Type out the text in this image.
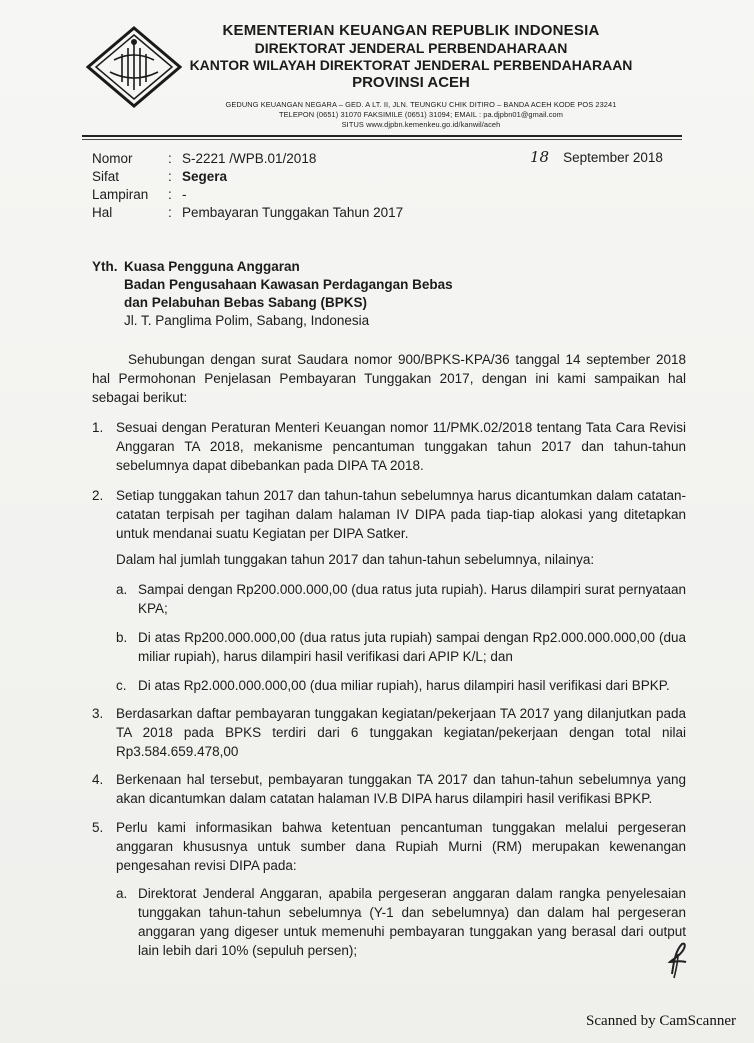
KEMENTERIAN KEUANGAN REPUBLIK INDONESIA
DIREKTORAT JENDERAL PERBENDAHARAAN
KANTOR WILAYAH DIREKTORAT JENDERAL PERBENDAHARAAN
PROVINSI ACEH
GEDUNG KEUANGAN NEGARA – GED. A LT. II, JLN. TEUNGKU CHIK DITIRO – BANDA ACEH KODE POS 23241
TELEPON (0651) 31070 FAKSIMILE (0651) 31094; EMAIL : pa.djpbn01@gmail.com
SITUS www.djpbn.kemenkeu.go.id/kanwil/aceh
Nomor	: S-2221 /WPB.01/2018
Sifat	: Segera
Lampiran	: -
Hal	: Pembayaran Tunggakan Tahun 2017
18 September 2018
Yth. Kuasa Pengguna Anggaran
Badan Pengusahaan Kawasan Perdagangan Bebas
dan Pelabuhan Bebas Sabang (BPKS)
Jl. T. Panglima Polim, Sabang, Indonesia
Sehubungan dengan surat Saudara nomor 900/BPKS-KPA/36 tanggal 14 september 2018 hal Permohonan Penjelasan Pembayaran Tunggakan 2017, dengan ini kami sampaikan hal sebagai berikut:
1. Sesuai dengan Peraturan Menteri Keuangan nomor 11/PMK.02/2018 tentang Tata Cara Revisi Anggaran TA 2018, mekanisme pencantuman tunggakan tahun 2017 dan tahun-tahun sebelumnya dapat dibebankan pada DIPA TA 2018.
2. Setiap tunggakan tahun 2017 dan tahun-tahun sebelumnya harus dicantumkan dalam catatan-catatan terpisah per tagihan dalam halaman IV DIPA pada tiap-tiap alokasi yang ditetapkan untuk mendanai suatu Kegiatan per DIPA Satker.
Dalam hal jumlah tunggakan tahun 2017 dan tahun-tahun sebelumnya, nilainya:
a. Sampai dengan Rp200.000.000,00 (dua ratus juta rupiah). Harus dilampiri surat pernyataan KPA;
b. Di atas Rp200.000.000,00 (dua ratus juta rupiah) sampai dengan Rp2.000.000.000,00 (dua miliar rupiah), harus dilampiri hasil verifikasi dari APIP K/L; dan
c. Di atas Rp2.000.000.000,00 (dua miliar rupiah), harus dilampiri hasil verifikasi dari BPKP.
3. Berdasarkan daftar pembayaran tunggakan kegiatan/pekerjaan TA 2017 yang dilanjutkan pada TA 2018 pada BPKS terdiri dari 6 tunggakan kegiatan/pekerjaan dengan total nilai Rp3.584.659.478,00
4. Berkenaan hal tersebut, pembayaran tunggakan TA 2017 dan tahun-tahun sebelumnya yang akan dicantumkan dalam catatan halaman IV.B DIPA harus dilampiri hasil verifikasi BPKP.
5. Perlu kami informasikan bahwa ketentuan pencantuman tunggakan melalui pergeseran anggaran khususnya untuk sumber dana Rupiah Murni (RM) merupakan kewenangan pengesahan revisi DIPA pada:
a. Direktorat Jenderal Anggaran, apabila pergeseran anggaran dalam rangka penyelesaian tunggakan tahun-tahun sebelumnya (Y-1 dan sebelumnya) dan dalam hal pergeseran anggaran yang digeser untuk memenuhi pembayaran tunggakan yang berasal dari output lain lebih dari 10% (sepuluh persen);
Scanned by CamScanner
